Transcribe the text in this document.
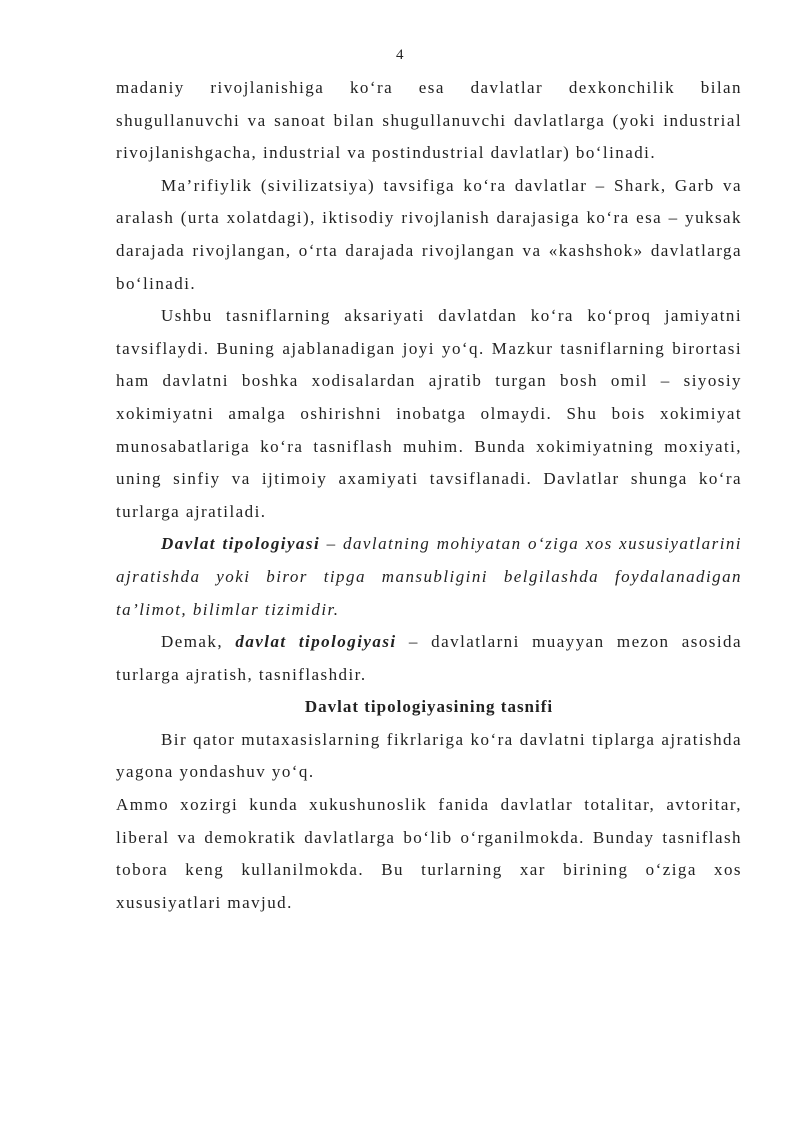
4

madaniy rivojlanishiga ko‘ra esa davlatlar dexkonchilik bilan shugullanuvchi va sanoat bilan shugullanuvchi davlatlarga (yoki industrial rivojlanishgacha, industrial va postindustrial davlatlar) bo‘linadi.

Ma’rifiylik (sivilizatsiya) tavsifiga ko‘ra davlatlar – Shark, Garb va aralash (urta xolatdagi), iktisodiy rivojlanish darajasiga ko‘ra esa – yuksak darajada rivojlangan, o‘rta darajada rivojlangan va «kashshok» davlatlarga bo‘linadi.

Ushbu tasniflarning aksariyati davlatdan ko‘ra ko‘proq jamiyatni tavsiflaydi. Buning ajablanadigan joyi yo‘q. Mazkur tasniflarning birortasi ham davlatni boshka xodisalardan ajratib turgan bosh omil – siyosiy xokimiyatni amalga oshirishni inobatga olmaydi. Shu bois xokimiyat munosabatlariga ko‘ra tasniflash muhim. Bunda xokimiyatning moxiyati, uning sinfiy va ijtimoiy axamiyati tavsiflanadi. Davlatlar shunga ko‘ra turlarga ajratiladi.

Davlat tipologiyasi – davlatning mohiyatan o‘ziga xos xususiyatlarini ajratishda yoki biror tipga mansubligini belgilashda foydalanadigan ta’limot, bilimlar tizimidir.

Demak, davlat tipologiyasi – davlatlarni muayyan mezon asosida turlarga ajratish, tasniflashdir.

Davlat tipologiyasining tasnifi

Bir qator mutaxasislarning fikrlariga ko‘ra davlatni tiplarga ajratishda yagona yondashuv yo‘q.

Ammo xozirgi kunda xukushunoslik fanida davlatlar totalitar, avtoritar, liberal va demokratik davlatlarga bo‘lib o‘rganilmokda. Bunday tasniflash tobora keng kullanilmokda. Bu turlarning xar birining o‘ziga xos xususiyatlari mavjud.
